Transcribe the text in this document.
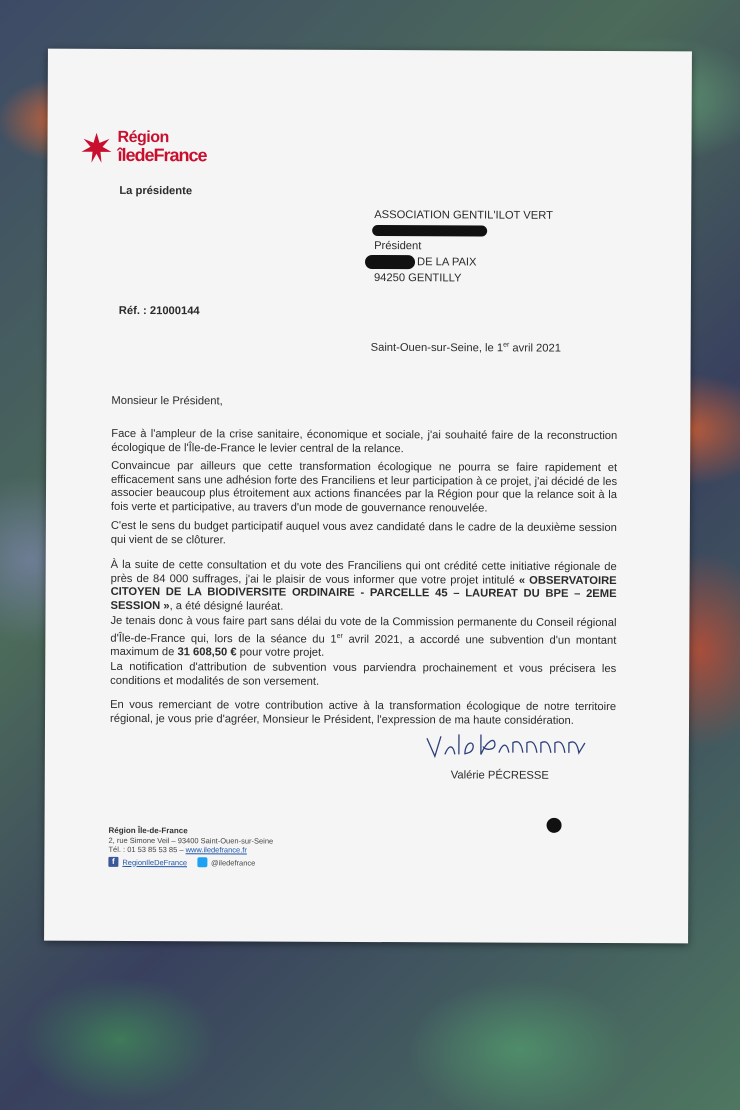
Région
îledeFrance
La présidente
ASSOCIATION GENTIL'ILOT VERT
Président
DE LA PAIX
94250 GENTILLY
Réf. : 21000144
Saint-Ouen-sur-Seine, le 1er avril 2021
Monsieur le Président,
Face à l'ampleur de la crise sanitaire, économique et sociale, j'ai souhaité faire de la reconstruction écologique de l'Île-de-France le levier central de la relance.
Convaincue par ailleurs que cette transformation écologique ne pourra se faire rapidement et efficacement sans une adhésion forte des Franciliens et leur participation à ce projet, j'ai décidé de les associer beaucoup plus étroitement aux actions financées par la Région pour que la relance soit à la fois verte et participative, au travers d'un mode de gouvernance renouvelée.
C'est le sens du budget participatif auquel vous avez candidaté dans le cadre de la deuxième session qui vient de se clôturer.
À la suite de cette consultation et du vote des Franciliens qui ont crédité cette initiative régionale de près de 84 000 suffrages, j'ai le plaisir de vous informer que votre projet intitulé « OBSERVATOIRE CITOYEN DE LA BIODIVERSITE ORDINAIRE - PARCELLE 45 – LAUREAT DU BPE – 2EME SESSION », a été désigné lauréat.
Je tenais donc à vous faire part sans délai du vote de la Commission permanente du Conseil régional d'Île-de-France qui, lors de la séance du 1er avril 2021, a accordé une subvention d'un montant maximum de 31 608,50 € pour votre projet.
La notification d'attribution de subvention vous parviendra prochainement et vous précisera les conditions et modalités de son versement.
En vous remerciant de votre contribution active à la transformation écologique de notre territoire régional, je vous prie d'agréer, Monsieur le Président, l'expression de ma haute considération.
Valérie PÉCRESSE
Région Île-de-France
2, rue Simone Veil – 93400 Saint-Ouen-sur-Seine
Tél. : 01 53 85 53 85 – www.iledefrance.fr
f	RegionIleDeFrance	@iledefrance
